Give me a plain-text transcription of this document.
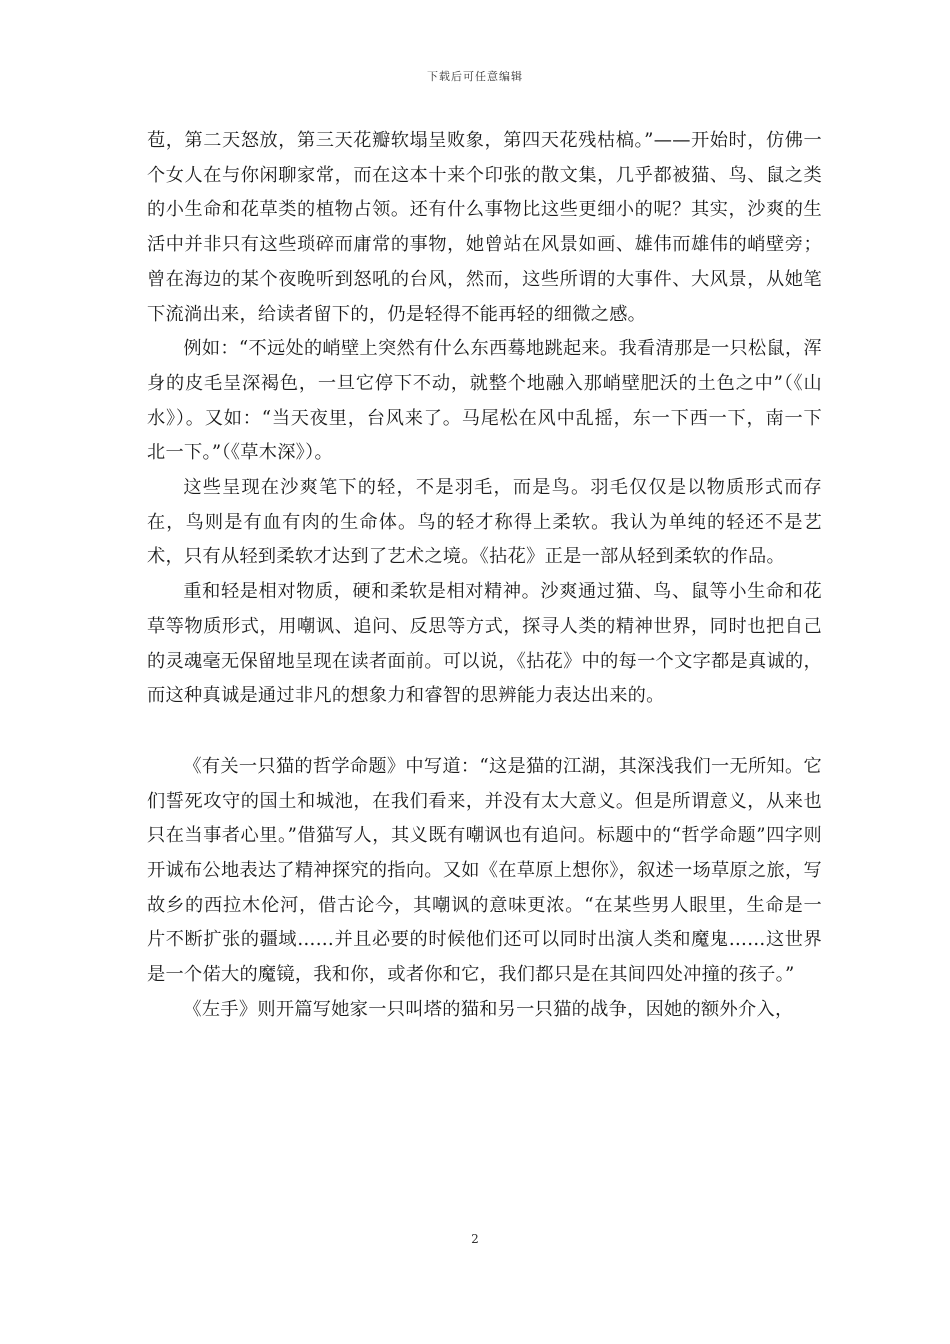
下载后可任意编辑

苞，第二天怒放，第三天花瓣软塌呈败象，第四天花残枯槁。”——开始时，仿佛一个女人在与你闲聊家常，而在这本十来个印张的散文集，几乎都被猫、鸟、鼠之类的小生命和花草类的植物占领。还有什么事物比这些更细小的呢？其实，沙爽的生活中并非只有这些琐碎而庸常的事物，她曾站在风景如画、雄伟而雄伟的峭壁旁；曾在海边的某个夜晚听到怒吼的台风，然而，这些所谓的大事件、大风景，从她笔下流淌出来，给读者留下的，仍是轻得不能再轻的细微之感。

例如：“不远处的峭壁上突然有什么东西蓦地跳起来。我看清那是一只松鼠，浑身的皮毛呈深褐色，一旦它停下不动，就整个地融入那峭壁肥沃的土色之中”（《山水》）。又如：“当天夜里，台风来了。马尾松在风中乱摇，东一下西一下，南一下北一下。”（《草木深》）。

这些呈现在沙爽笔下的轻，不是羽毛，而是鸟。羽毛仅仅是以物质形式而存在，鸟则是有血有肉的生命体。鸟的轻才称得上柔软。我认为单纯的轻还不是艺术，只有从轻到柔软才达到了艺术之境。《拈花》正是一部从轻到柔软的作品。

重和轻是相对物质，硬和柔软是相对精神。沙爽通过猫、鸟、鼠等小生命和花草等物质形式，用嘲讽、追问、反思等方式，探寻人类的精神世界，同时也把自己的灵魂毫无保留地呈现在读者面前。可以说，《拈花》中的每一个文字都是真诚的，而这种真诚是通过非凡的想象力和睿智的思辨能力表达出来的。

《有关一只猫的哲学命题》中写道：“这是猫的江湖，其深浅我们一无所知。它们誓死攻守的国土和城池，在我们看来，并没有太大意义。但是所谓意义，从来也只在当事者心里。”借猫写人，其义既有嘲讽也有追问。标题中的“哲学命题”四字则开诚布公地表达了精神探究的指向。又如《在草原上想你》，叙述一场草原之旅，写故乡的西拉木伦河，借古论今，其嘲讽的意味更浓。“在某些男人眼里，生命是一片不断扩张的疆域……并且必要的时候他们还可以同时出演人类和魔鬼……这世界是一个偌大的魔镜，我和你，或者你和它，我们都只是在其间四处冲撞的孩子。”

《左手》则开篇写她家一只叫塔的猫和另一只猫的战争，因她的额外介入，

2
